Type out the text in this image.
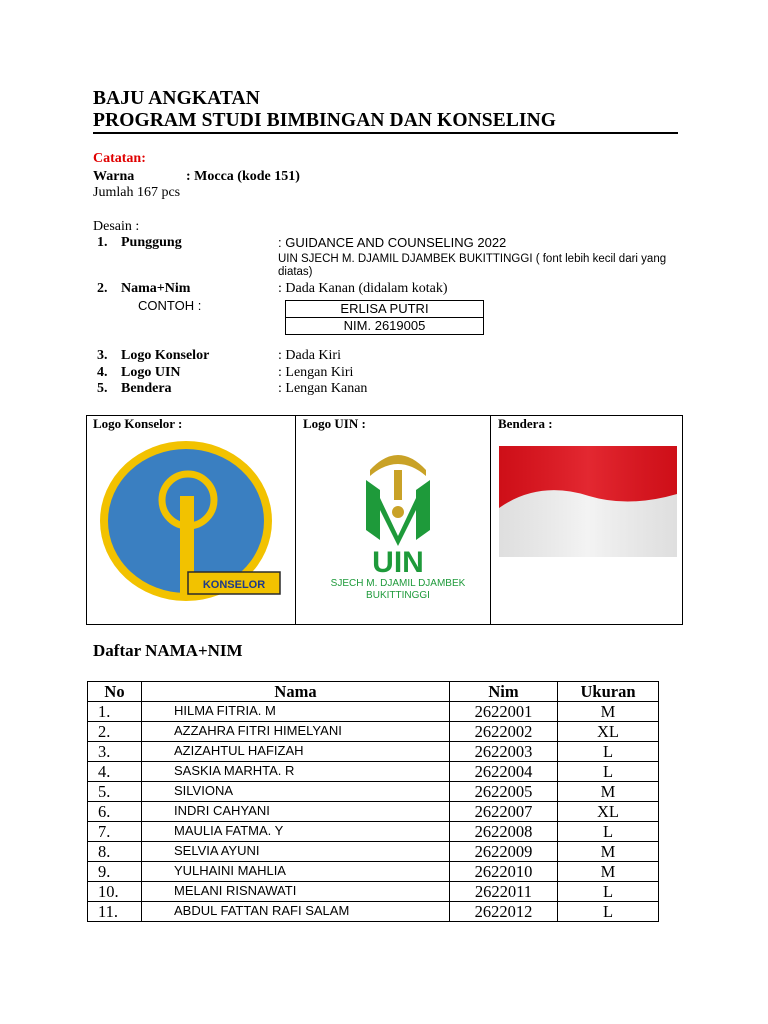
BAJU ANGKATAN
PROGRAM STUDI BIMBINGAN DAN KONSELING
Catatan:
Warna	: Mocca (kode 151)
Jumlah 167 pcs
Desain :
1. Punggung	: GUIDANCE AND COUNSELING 2022
UIN SJECH M. DJAMIL DJAMBEK BUKITTINGGI ( font lebih kecil dari yang diatas)
2. Nama+Nim	: Dada Kanan (didalam kotak)
CONTOH :	ERLISA PUTRI
NIM. 2619005
3. Logo Konselor	: Dada Kiri
4. Logo UIN	: Lengan Kiri
5. Bendera	: Lengan Kanan
Logo Konselor :	Logo UIN :	Bendera :
KONSELOR
UIN
SJECH M. DJAMIL DJAMBEK
BUKITTINGGI
Daftar NAMA+NIM
No	Nama	Nim	Ukuran
1.	HILMA FITRIA. M	2622001	M
2.	AZZAHRA FITRI HIMELYANI	2622002	XL
3.	AZIZAHTUL HAFIZAH	2622003	L
4.	SASKIA MARHTA. R	2622004	L
5.	SILVIONA	2622005	M
6.	INDRI CAHYANI	2622007	XL
7.	MAULIA FATMA. Y	2622008	L
8.	SELVIA AYUNI	2622009	M
9.	YULHAINI MAHLIA	2622010	M
10.	MELANI RISNAWATI	2622011	L
11.	ABDUL FATTAN RAFI SALAM	2622012	L
